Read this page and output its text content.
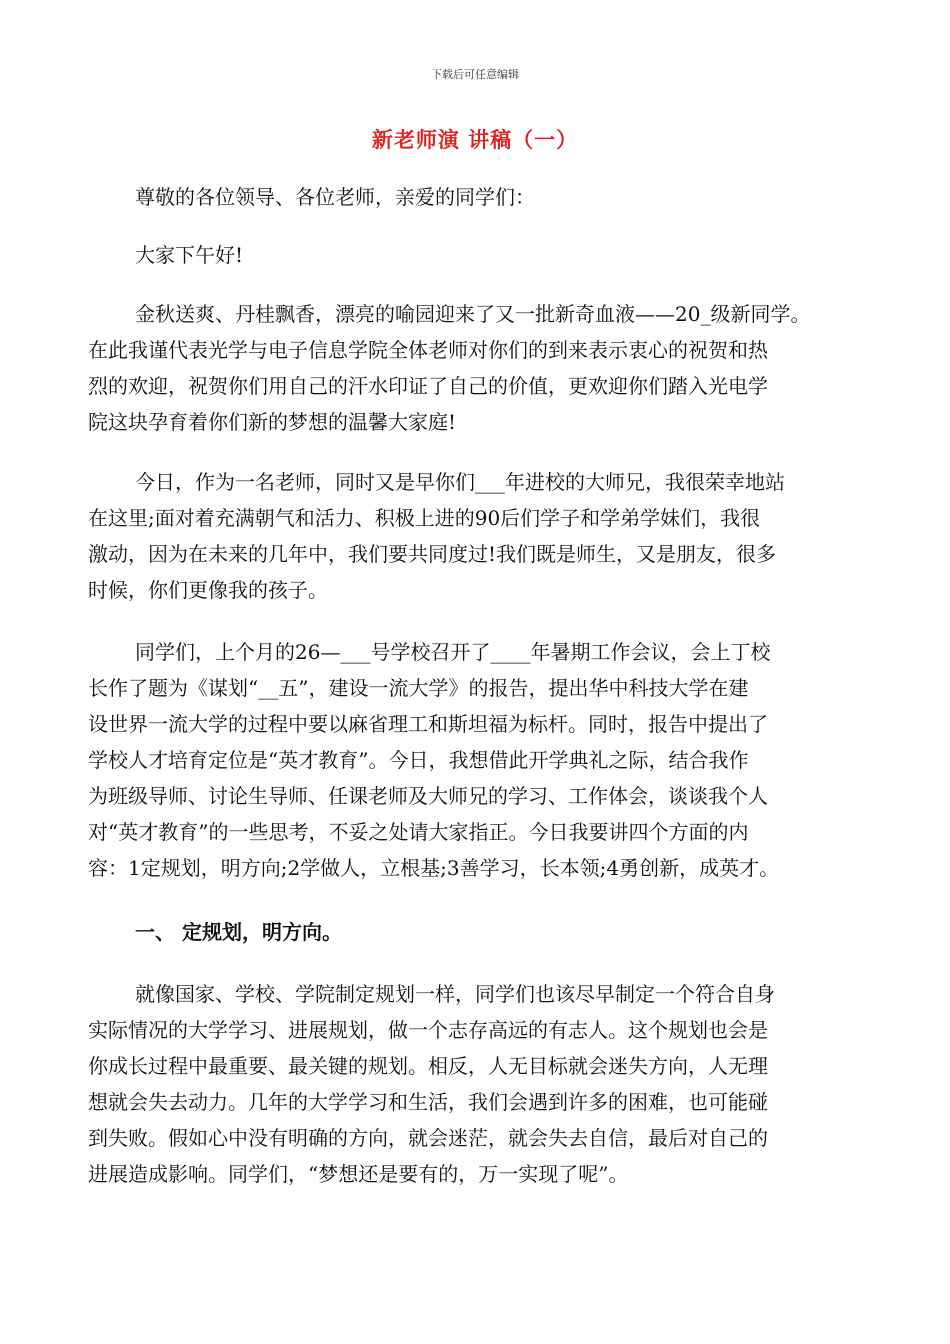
下载后可任意编辑
新老师演 讲稿（一）
尊敬的各位领导、各位老师，亲爱的同学们：
大家下午好!
金秋送爽、丹桂飘香，漂亮的喻园迎来了又一批新奇血液——20_级新同学。
在此我谨代表光学与电子信息学院全体老师对你们的到来表示衷心的祝贺和热
烈的欢迎，祝贺你们用自己的汗水印证了自己的价值，更欢迎你们踏入光电学
院这块孕育着你们新的梦想的温馨大家庭!
今日，作为一名老师，同时又是早你们___年进校的大师兄，我很荣幸地站
在这里;面对着充满朝气和活力、积极上进的90后们学子和学弟学妹们，我很
激动，因为在未来的几年中，我们要共同度过!我们既是师生，又是朋友，很多
时候，你们更像我的孩子。
同学们，上个月的26—___号学校召开了____年暑期工作会议，会上丁校
长作了题为《谋划“__五”，建设一流大学》的报告，提出华中科技大学在建
设世界一流大学的过程中要以麻省理工和斯坦福为标杆。同时，报告中提出了
学校人才培育定位是“英才教育”。今日，我想借此开学典礼之际，结合我作
为班级导师、讨论生导师、任课老师及大师兄的学习、工作体会，谈谈我个人
对“英才教育”的一些思考，不妥之处请大家指正。今日我要讲四个方面的内
容：1定规划，明方向;2学做人，立根基;3善学习，长本领;4勇创新，成英才。
一、 定规划，明方向。
就像国家、学校、学院制定规划一样，同学们也该尽早制定一个符合自身
实际情况的大学学习、进展规划，做一个志存高远的有志人。这个规划也会是
你成长过程中最重要、最关键的规划。相反，人无目标就会迷失方向，人无理
想就会失去动力。几年的大学学习和生活，我们会遇到许多的困难，也可能碰
到失败。假如心中没有明确的方向，就会迷茫，就会失去自信，最后对自己的
进展造成影响。同学们，“梦想还是要有的，万一实现了呢”。
